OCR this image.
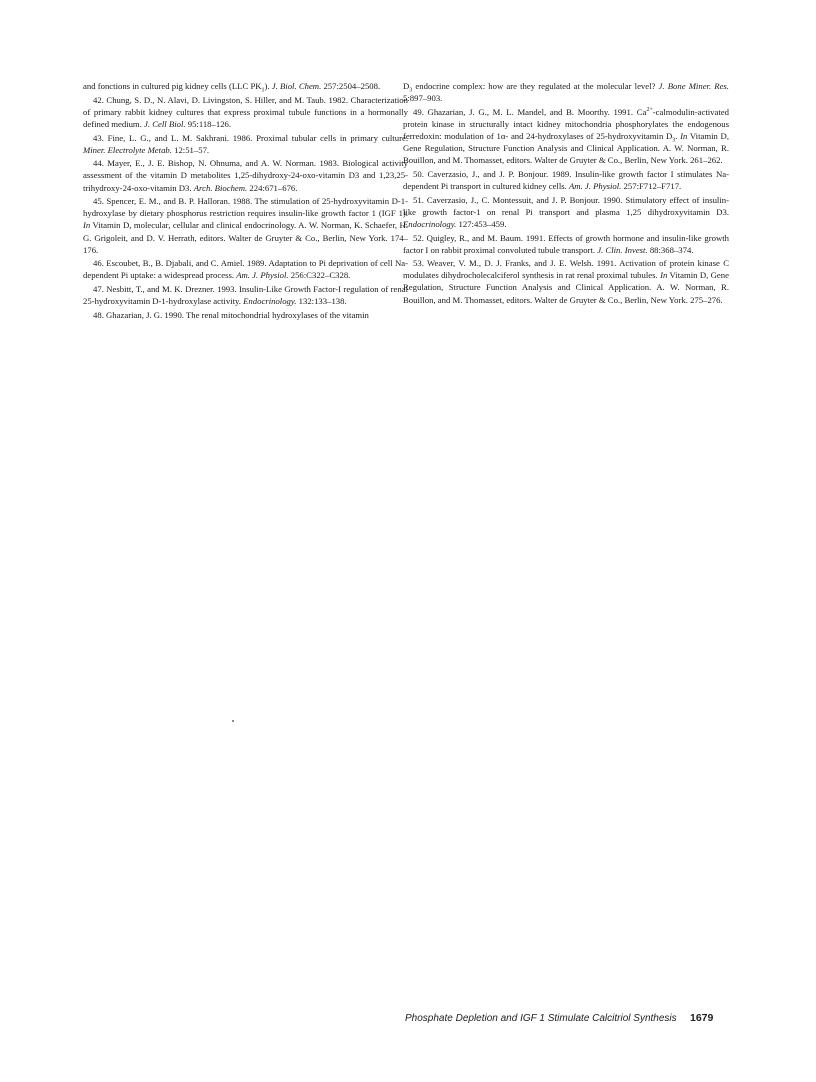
and fonctions in cultured pig kidney cells (LLC $PK_1$). J. Biol. Chem. 257:2504–2508.

42. Chung, S. D., N. Alavi, D. Livingston, S. Hiller, and M. Taub. 1982. Characterization of primary rabbit kidney cultures that express proximal tubule functions in a hormonally defined medium. J. Cell Biol. 95:118–126.

43. Fine, L. G., and L. M. Sakhrani. 1986. Proximal tubular cells in primary culture. Miner. Electrolyte Metab. 12:51–57.

44. Mayer, E., J. E. Bishop, N. Ohnuma, and A. W. Norman. 1983. Biological activity assessment of the vitamin D metabolites 1,25-dihydroxy-24-oxo-vitamin D3 and 1,23,25-trihydroxy-24-oxo-vitamin D3. Arch. Biochem. 224:671–676.

45. Spencer, E. M., and B. P. Halloran. 1988. The stimulation of 25-hydroxyvitamin D-1-hydroxylase by dietary phosphorus restriction requires insulin-like growth factor 1 (IGF 1). In Vitamin D, molecular, cellular and clinical endocrinology. A. W. Norman, K. Schaefer, H. G. Grigoleit, and D. V. Herrath, editors. Walter de Gruyter & Co., Berlin, New York. 174–176.

46. Escoubet, B., B. Djabali, and C. Amiel. 1989. Adaptation to Pi deprivation of cell Na-dependent Pi uptake: a widespread process. Am. J. Physiol. 256:C322–C328.

47. Nesbitt, T., and M. K. Drezner. 1993. Insulin-Like Growth Factor-I regulation of renal 25-hydroxyvitamin D-1-hydroxylase activity. Endocrinology. 132:133–138.

48. Ghazarian, J. G. 1990. The renal mitochondrial hydroxylases of the vitamin

$D_3$ endocrine complex: how are they regulated at the molecular level? J. Bone Miner. Res. 5:897–903.

49. Ghazarian, J. G., M. L. Mandel, and B. Moorthy. 1991. $Ca^{2+}-calmodulin$-activated protein kinase in structurally intact kidney mitochondria phosphorylates the endogenous ferredoxin: modulation of 1α- and 24-hydroxylases of 25-hydroxyvitamin $D_3$. In Vitamin D, Gene Regulation, Structure Function Analysis and Clinical Application. A. W. Norman, R. Bouillon, and M. Thomasset, editors. Walter de Gruyter & Co., Berlin, New York. 261–262.

50. Caverzasio, J., and J. P. Bonjour. 1989. Insulin-like growth factor I stimulates Na-dependent Pi transport in cultured kidney cells. Am. J. Physiol. 257:F712–F717.

51. Caverzasio, J., C. Montessuit, and J. P. Bonjour. 1990. Stimulatory effect of insulin-like growth factor-1 on renal Pi transport and plasma 1,25 dihydroxyvitamin D3. Endocrinology. 127:453–459.

52. Quigley, R., and M. Baum. 1991. Effects of growth hormone and insulin-like growth factor I on rabbit proximal convoluted tubule transport. J. Clin. Invest. 88:368–374.

53. Weaver, V. M., D. J. Franks, and J. E. Welsh. 1991. Activation of protein kinase C modulates dihydrocholecalciferol synthesis in rat renal proximal tubules. In Vitamin D, Gene Regulation, Structure Function Analysis and Clinical Application. A. W. Norman, R. Bouillon, and M. Thomasset, editors. Walter de Gruyter & Co., Berlin, New York. 275–276.

Phosphate Depletion and IGF 1 Stimulate Calcitriol Synthesis	1679
